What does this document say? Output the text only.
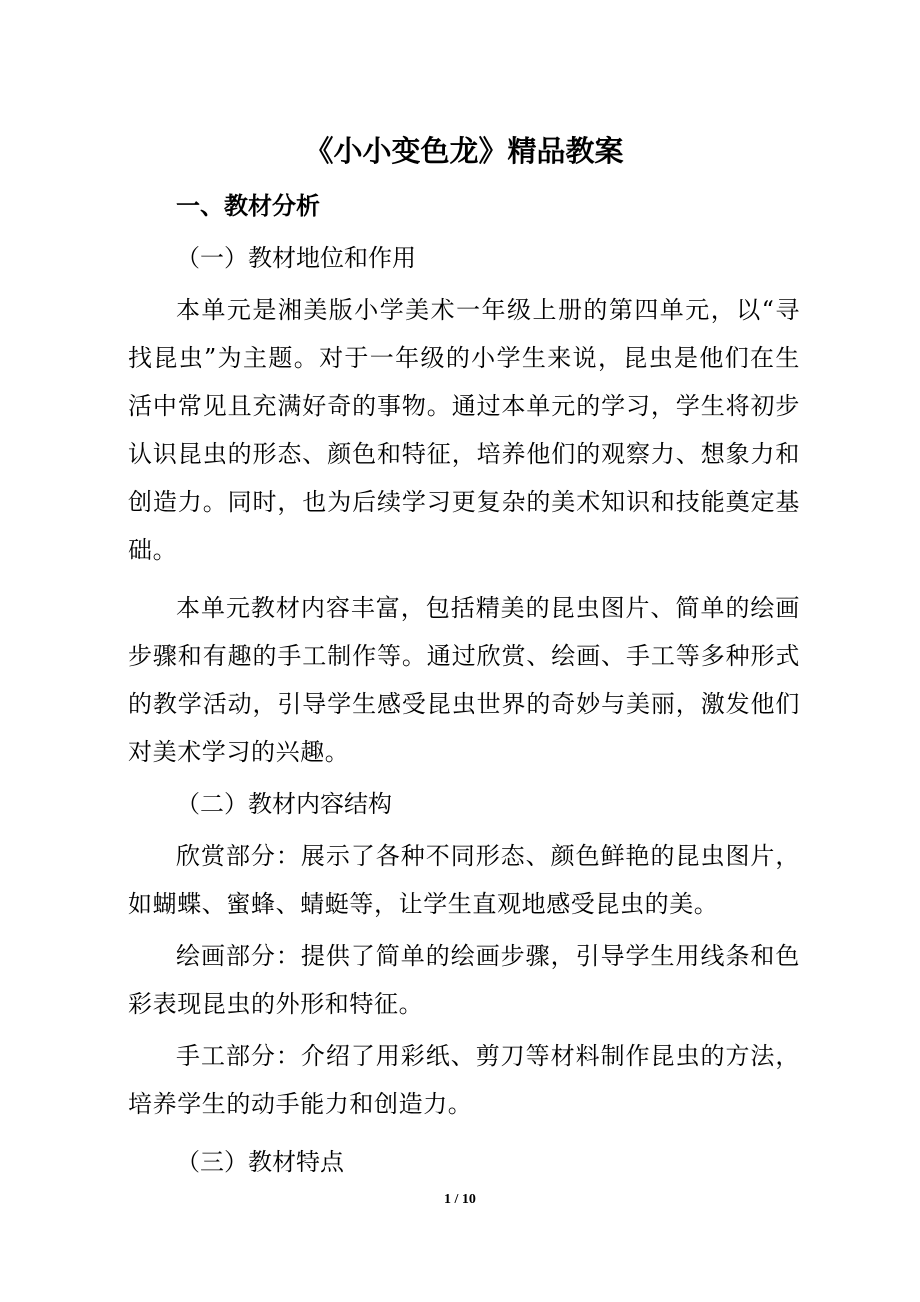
《小小变色龙》精品教案

一、教材分析

（一）教材地位和作用

本单元是湘美版小学美术一年级上册的第四单元，以“寻找昆虫”为主题。对于一年级的小学生来说，昆虫是他们在生活中常见且充满好奇的事物。通过本单元的学习，学生将初步认识昆虫的形态、颜色和特征，培养他们的观察力、想象力和创造力。同时，也为后续学习更复杂的美术知识和技能奠定基础。

本单元教材内容丰富，包括精美的昆虫图片、简单的绘画步骤和有趣的手工制作等。通过欣赏、绘画、手工等多种形式的教学活动，引导学生感受昆虫世界的奇妙与美丽，激发他们对美术学习的兴趣。

（二）教材内容结构

欣赏部分：展示了各种不同形态、颜色鲜艳的昆虫图片，如蝴蝶、蜜蜂、蜻蜓等，让学生直观地感受昆虫的美。

绘画部分：提供了简单的绘画步骤，引导学生用线条和色彩表现昆虫的外形和特征。

手工部分：介绍了用彩纸、剪刀等材料制作昆虫的方法，培养学生的动手能力和创造力。

（三）教材特点

1 / 10
